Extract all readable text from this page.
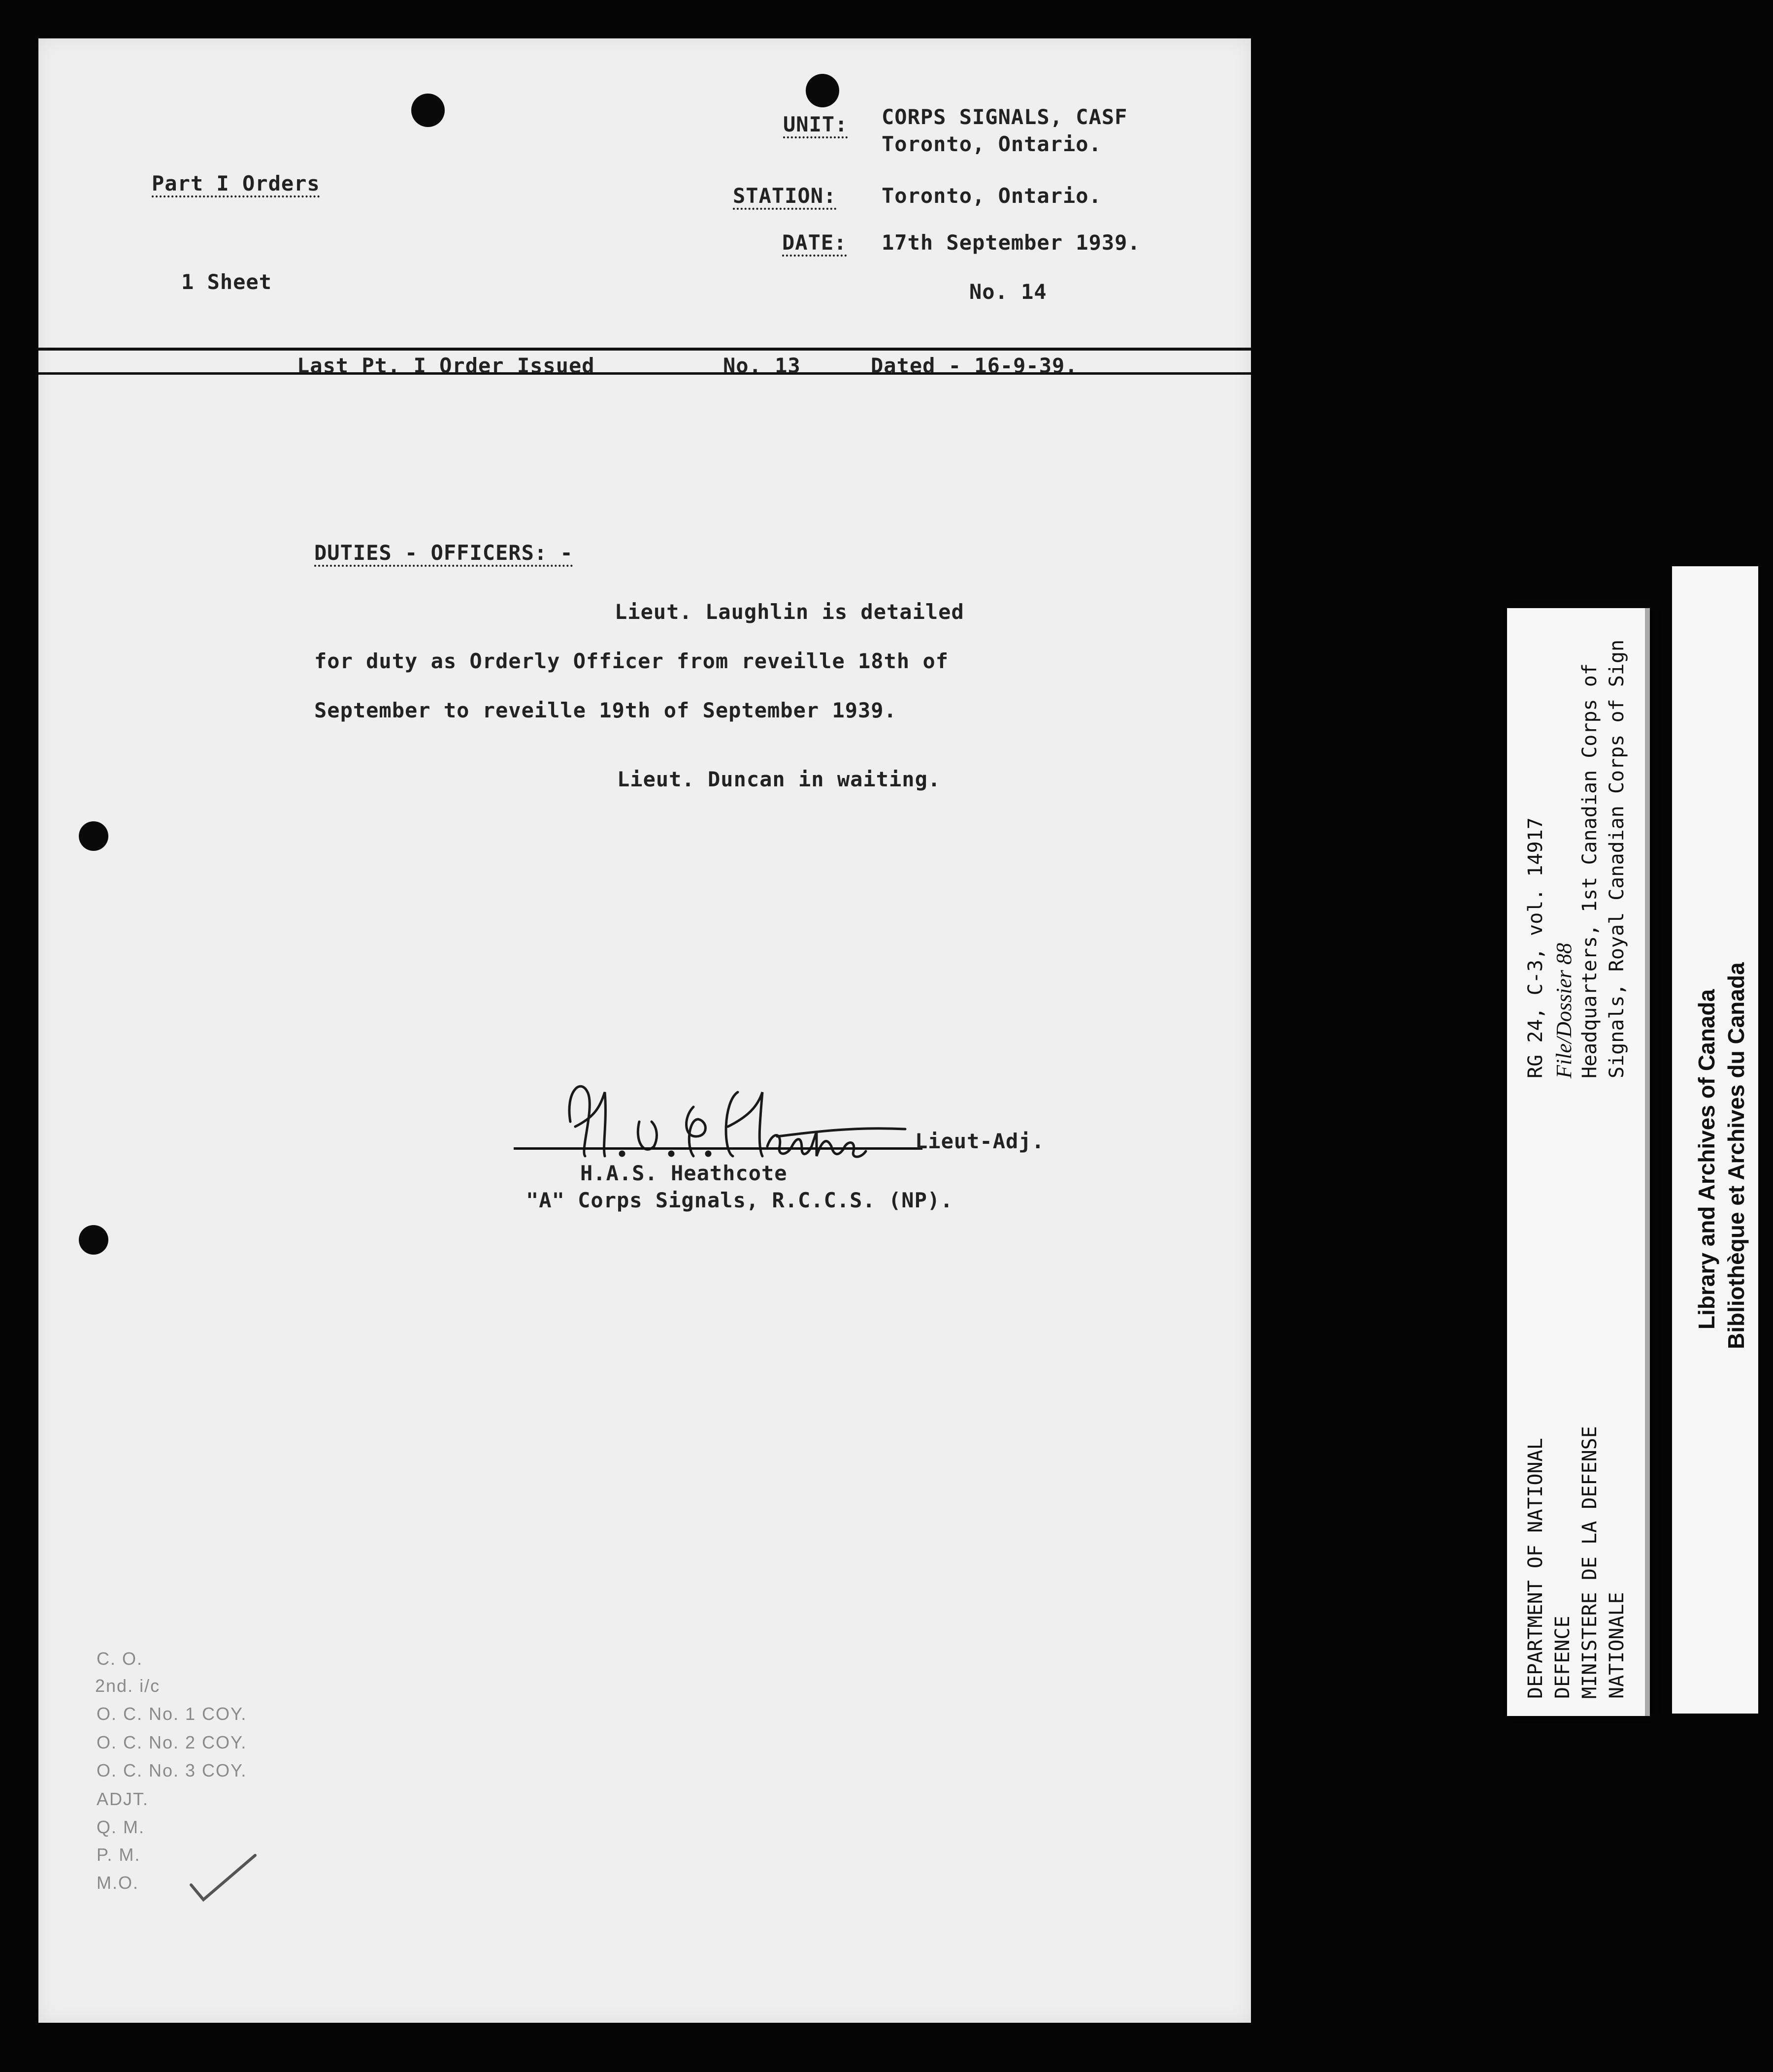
Part I Orders
1 Sheet
UNIT: CORPS SIGNALS, CASF
Toronto, Ontario.
STATION: Toronto, Ontario.
DATE: 17th September 1939.
No. 14
Last Pt. I Order Issued	No. 13	Dated - 16-9-39.
DUTIES - OFFICERS: -
Lieut. Laughlin is detailed
for duty as Orderly Officer from reveille 18th of
September to reveille 19th of September 1939.
Lieut. Duncan in waiting.
Lieut-Adj.
H.A.S. Heathcote
"A" Corps Signals, R.C.C.S. (NP).
C. O.
2nd. i/c
O. C. No. 1 COY.
O. C. No. 2 COY.
O. C. No. 3 COY.
ADJT.
Q. M.
P. M.
M.O.
DEPARTMENT OF NATIONAL DEFENCE MINISTERE DE LA DEFENSE NATIONALE
RG 24, C-3, vol. 14917 File/Dossier 88 Headquarters, 1st Canadian Corps of Signals, Royal Canadian Corps of Sign
Library and Archives of Canada Bibliothèque et Archives du Canada
